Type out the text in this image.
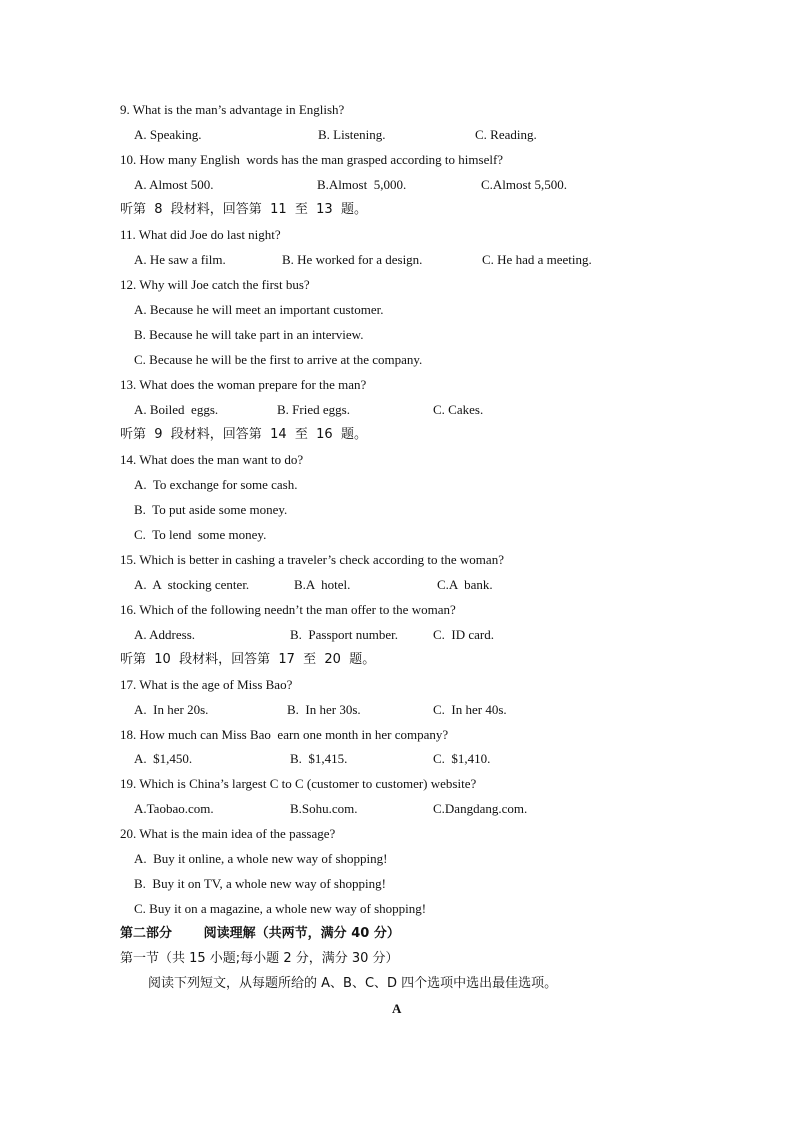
9. What is the man’s advantage in English?
A. Speaking.	B. Listening.	C. Reading.
10. How many English  words has the man grasped according to himself?
A. Almost 500.	B.Almost  5,000.	C.Almost 5,500.
听第  8  段材料，回答第  11  至  13  题。
11. What did Joe do last night?
A. He saw a film.	B. He worked for a design.	C. He had a meeting.
12. Why will Joe catch the first bus?
A. Because he will meet an important customer.
B. Because he will take part in an interview.
C. Because he will be the first to arrive at the company.
13. What does the woman prepare for the man?
A. Boiled  eggs.	B. Fried eggs.	C. Cakes.
听第  9  段材料，回答第  14  至  16  题。
14. What does the man want to do?
A.  To exchange for some cash.
B.  To put aside some money.
C.  To lend  some money.
15. Which is better in cashing a traveler’s check according to the woman?
A.  A  stocking center.	B.A  hotel.	C.A  bank.
16. Which of the following needn’t the man offer to the woman?
A. Address.	B.  Passport number.	C.  ID card.
听第  10  段材料，回答第  17  至  20  题。
17. What is the age of Miss Bao?
A.  In her 20s.	B.  In her 30s.	C.  In her 40s.
18. How much can Miss Bao  earn one month in her company?
A.  $1,450.	B.  $1,415.	C.  $1,410.
19. Which is China’s largest C to C (customer to customer) website?
A.Taobao.com.	B.Sohu.com.	C.Dangdang.com.
20. What is the main idea of the passage?
A.  Buy it online, a whole new way of shopping!
B.  Buy it on TV, a whole new way of shopping!
C. Buy it on a magazine, a whole new way of shopping!
第二部分       阅读理解（共两节，满分 40 分）
第一节（共 15 小题;每小题 2 分，满分 30 分）
阅读下列短文，从每题所给的 A、B、C、D 四个选项中选出最佳选项。
A
